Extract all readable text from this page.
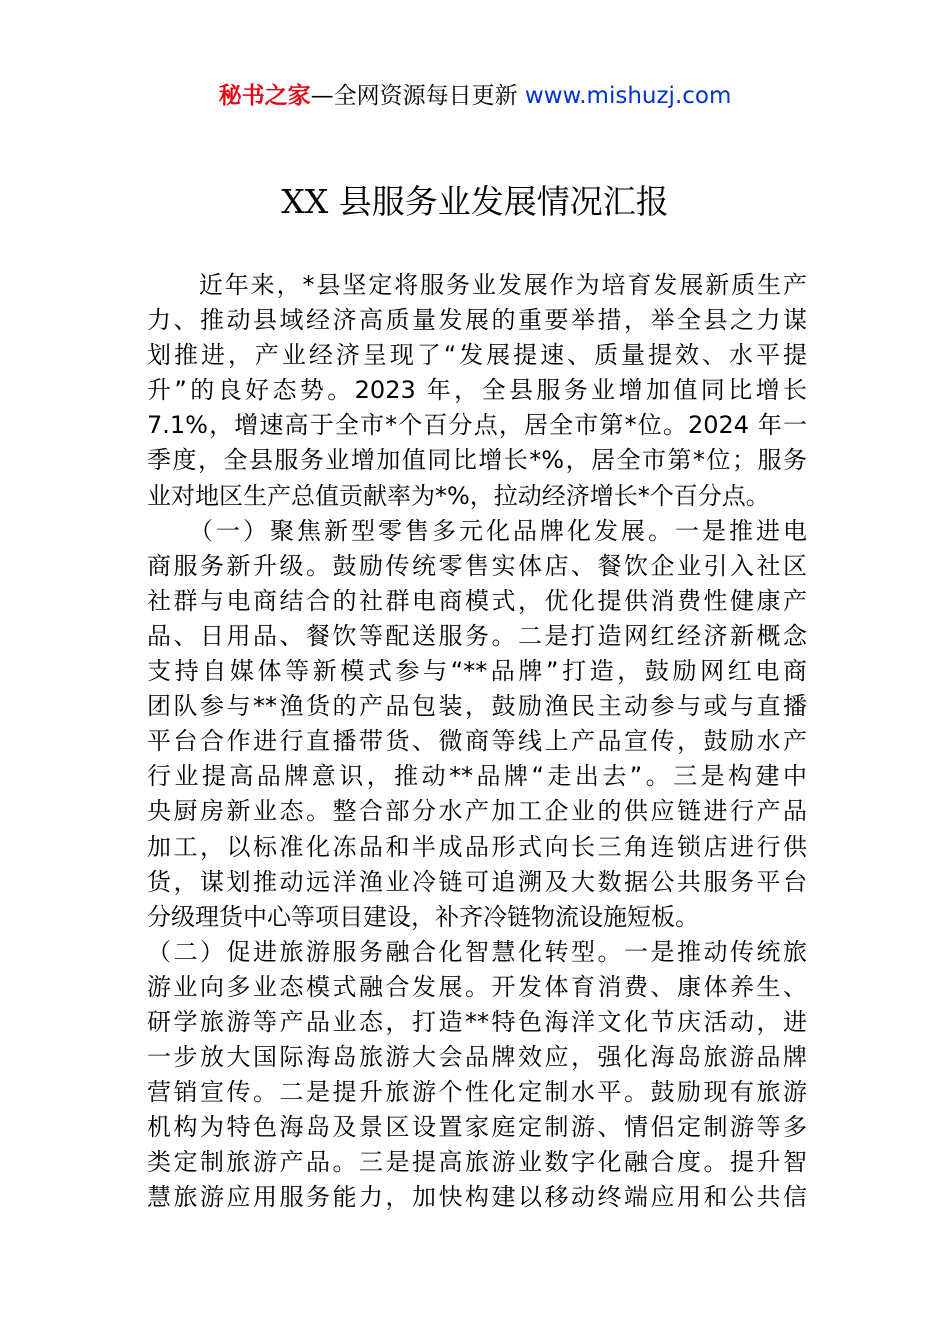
秘书之家—全网资源每日更新 www.mishuzj.com
XX 县服务业发展情况汇报
　　近年来，*县坚定将服务业发展作为培育发展新质生产
力、推动县域经济高质量发展的重要举措，举全县之力谋
划推进，产业经济呈现了“发展提速、质量提效、水平提
升”的良好态势。2023 年，全县服务业增加值同比增长
7.1%，增速高于全市*个百分点，居全市第*位。2024 年一
季度，全县服务业增加值同比增长*%，居全市第*位；服务
业对地区生产总值贡献率为*%，拉动经济增长*个百分点。
　　（一）聚焦新型零售多元化品牌化发展。一是推进电
商服务新升级。鼓励传统零售实体店、餐饮企业引入社区
社群与电商结合的社群电商模式，优化提供消费性健康产
品、日用品、餐饮等配送服务。二是打造网红经济新概念
支持自媒体等新模式参与“**品牌”打造，鼓励网红电商
团队参与**渔货的产品包装，鼓励渔民主动参与或与直播
平台合作进行直播带货、微商等线上产品宣传，鼓励水产
行业提高品牌意识，推动**品牌“走出去”。三是构建中
央厨房新业态。整合部分水产加工企业的供应链进行产品
加工，以标准化冻品和半成品形式向长三角连锁店进行供
货，谋划推动远洋渔业冷链可追溯及大数据公共服务平台
分级理货中心等项目建设，补齐冷链物流设施短板。
（二）促进旅游服务融合化智慧化转型。一是推动传统旅
游业向多业态模式融合发展。开发体育消费、康体养生、
研学旅游等产品业态，打造**特色海洋文化节庆活动，进
一步放大国际海岛旅游大会品牌效应，强化海岛旅游品牌
营销宣传。二是提升旅游个性化定制水平。鼓励现有旅游
机构为特色海岛及景区设置家庭定制游、情侣定制游等多
类定制旅游产品。三是提高旅游业数字化融合度。提升智
慧旅游应用服务能力，加快构建以移动终端应用和公共信
